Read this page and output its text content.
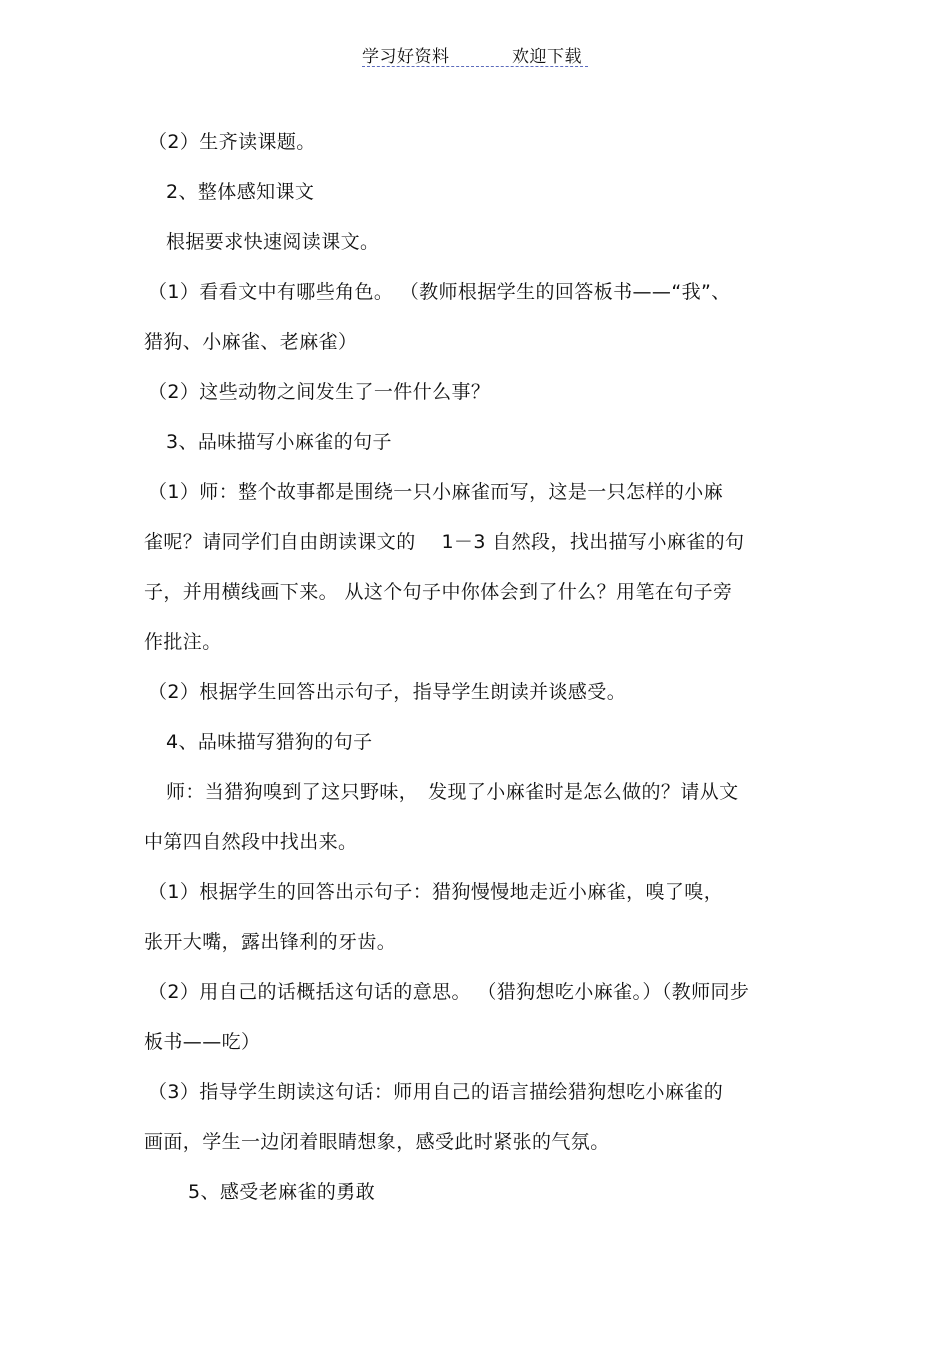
学习好资料	欢迎下载

（2）生齐读课题。

2、整体感知课文

根据要求快速阅读课文。

（1）看看文中有哪些角色。 （教师根据学生的回答板书——“我”、

猎狗、小麻雀、老麻雀）

（2）这些动物之间发生了一件什么事？

3、品味描写小麻雀的句子

（1）师：整个故事都是围绕一只小麻雀而写，这是一只怎样的小麻

雀呢？请同学们自由朗读课文的　 1－3 自然段，找出描写小麻雀的句

子，并用横线画下来。 从这个句子中你体会到了什么？用笔在句子旁

作批注。

（2）根据学生回答出示句子，指导学生朗读并谈感受。

4、品味描写猎狗的句子

师：当猎狗嗅到了这只野味，　发现了小麻雀时是怎么做的？请从文

中第四自然段中找出来。

（1）根据学生的回答出示句子：猎狗慢慢地走近小麻雀，嗅了嗅，

张开大嘴，露出锋利的牙齿。

（2）用自己的话概括这句话的意思。 （猎狗想吃小麻雀。）（教师同步

板书——吃）

（3）指导学生朗读这句话：师用自己的语言描绘猎狗想吃小麻雀的

画面，学生一边闭着眼睛想象，感受此时紧张的气氛。

5、感受老麻雀的勇敢
